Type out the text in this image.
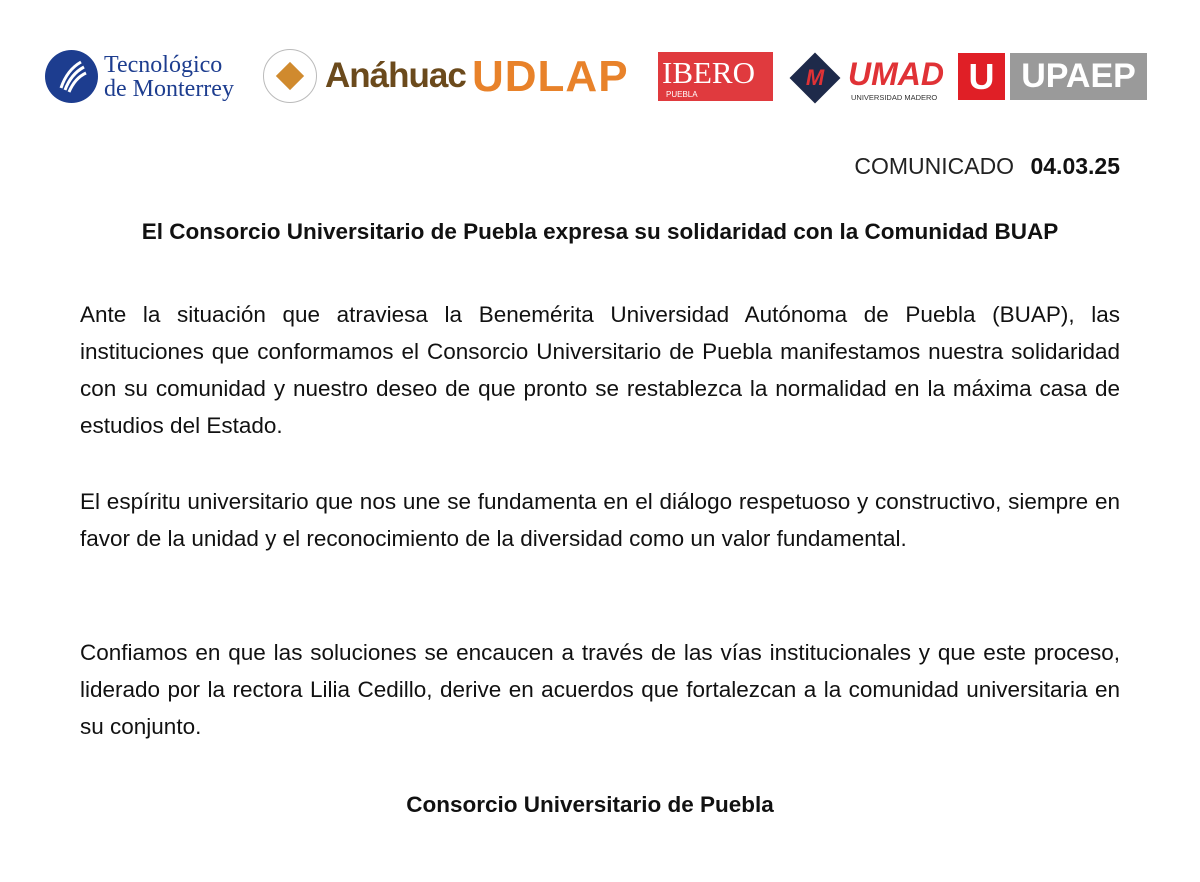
Tecnológico
de Monterrey	Anáhuac UDLAP IBERO
PUEBLA
M UMAD
UNIVERSIDAD MADERO
U UPAEP
COMUNICADO 04.03.25
El Consorcio Universitario de Puebla expresa su solidaridad con la Comunidad BUAP

Ante la situación que atraviesa la Benemérita Universidad Autónoma de Puebla (BUAP), las instituciones que conformamos el Consorcio Universitario de Puebla manifestamos nuestra solidaridad con su comunidad y nuestro deseo de que pronto se restablezca la normalidad en la máxima casa de estudios del Estado.

El espíritu universitario que nos une se fundamenta en el diálogo respetuoso y constructivo, siempre en favor de la unidad y el reconocimiento de la diversidad como un valor fundamental.

Confiamos en que las soluciones se encaucen a través de las vías institucionales y que este proceso, liderado por la rectora Lilia Cedillo, derive en acuerdos que fortalezcan a la comunidad universitaria en su conjunto.

Consorcio Universitario de Puebla
